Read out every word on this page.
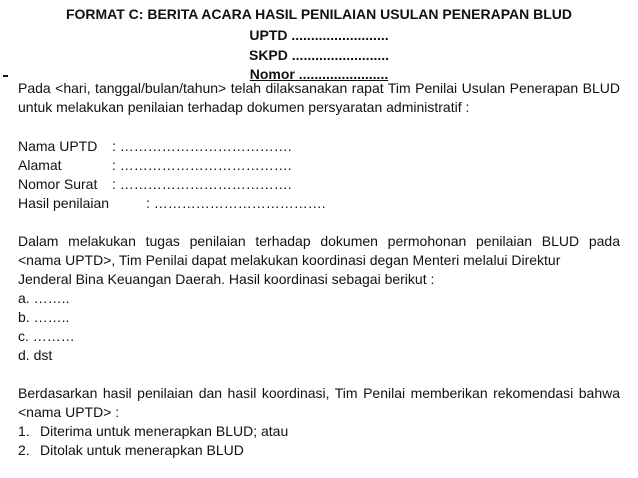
FORMAT C: BERITA ACARA HASIL PENILAIAN USULAN PENERAPAN BLUD
UPTD .........................
SKPD .........................
Nomor .......................
Pada <hari, tanggal/bulan/tahun> telah dilaksanakan rapat Tim Penilai Usulan Penerapan BLUD untuk melakukan penilaian terhadap dokumen persyaratan administratif :
Nama UPTD : ……………………………….
Alamat	: ……………………………….
Nomor Surat : ……………………………….
Hasil penilaian	: ……………………………….
Dalam melakukan tugas penilaian terhadap dokumen permohonan penilaian BLUD pada
<nama UPTD>, Tim Penilai dapat melakukan koordinasi degan Menteri melalui Direktur
Jenderal Bina Keuangan Daerah. Hasil koordinasi sebagai berikut :
a. ……..
b. ……..
c. ………
d. dst
Berdasarkan hasil penilaian dan hasil koordinasi, Tim Penilai memberikan rekomendasi bahwa <nama UPTD> :
1. Diterima untuk menerapkan BLUD; atau
2. Ditolak untuk menerapkan BLUD
